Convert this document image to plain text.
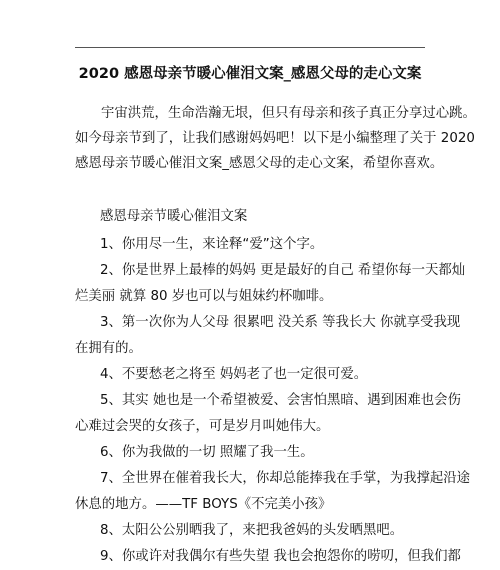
2020 感恩母亲节暖心催泪文案_感恩父母的走心文案
宇宙洪荒，生命浩瀚无垠，但只有母亲和孩子真正分享过心跳。
如今母亲节到了，让我们感谢妈妈吧！以下是小编整理了关于 2020
感恩母亲节暖心催泪文案_感恩父母的走心文案，希望你喜欢。
感恩母亲节暖心催泪文案
1、你用尽一生，来诠释“爱”这个字。
2、你是世界上最棒的妈妈 更是最好的自己 希望你每一天都灿
烂美丽 就算 80 岁也可以与姐妹约杯咖啡。
3、第一次你为人父母 很累吧 没关系 等我长大 你就享受我现
在拥有的。
4、不要愁老之将至 妈妈老了也一定很可爱。
5、其实 她也是一个希望被爱、会害怕黑暗、遇到困难也会伤
心难过会哭的女孩子，可是岁月叫她伟大。
6、你为我做的一切 照耀了我一生。
7、全世界在催着我长大，你却总能捧我在手掌，为我撑起沿途
休息的地方。——TF BOYS《不完美小孩》
8、太阳公公别晒我了，来把我爸妈的头发晒黑吧。
9、你或许对我偶尔有些失望 我也会抱怨你的唠叨，但我们都
